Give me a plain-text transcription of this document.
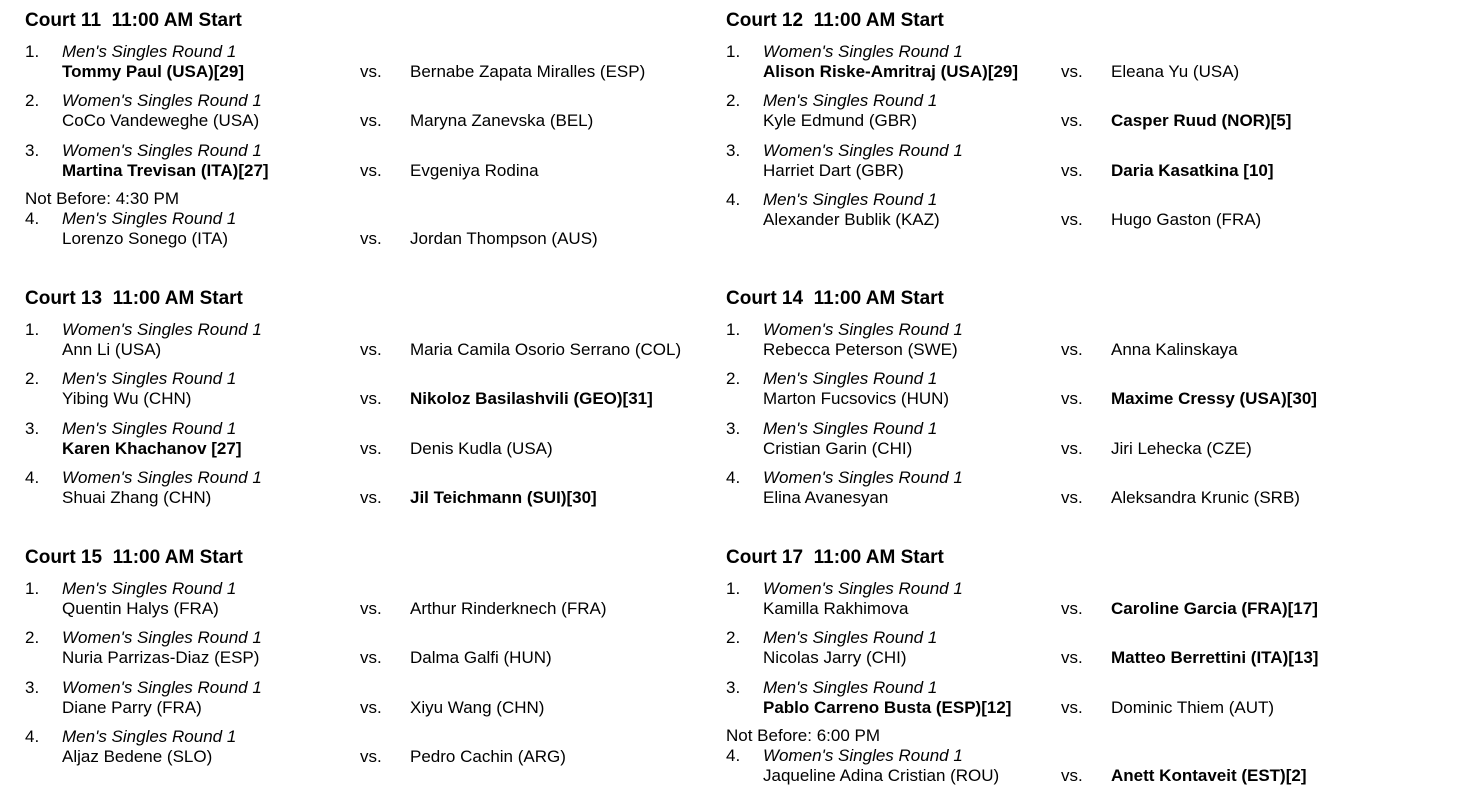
Court 11  11:00 AM Start
1. Men's Singles Round 1
Tommy Paul (USA)[29]	vs. Bernabe Zapata Miralles (ESP)
2. Women's Singles Round 1
CoCo Vandeweghe (USA)	vs. Maryna Zanevska (BEL)
3. Women's Singles Round 1
Martina Trevisan (ITA)[27]	vs. Evgeniya Rodina
Not Before: 4:30 PM
4. Men's Singles Round 1
Lorenzo Sonego (ITA)	vs. Jordan Thompson (AUS)
Court 12  11:00 AM Start
1. Women's Singles Round 1
Alison Riske-Amritraj (USA)[29]	vs. Eleana Yu (USA)
2. Men's Singles Round 1
Kyle Edmund (GBR)	vs. Casper Ruud (NOR)[5]
3. Women's Singles Round 1
Harriet Dart (GBR)	vs. Daria Kasatkina [10]
4. Men's Singles Round 1
Alexander Bublik (KAZ)	vs. Hugo Gaston (FRA)
Court 13  11:00 AM Start
1. Women's Singles Round 1
Ann Li (USA)	vs. Maria Camila Osorio Serrano (COL)
2. Men's Singles Round 1
Yibing Wu (CHN)	vs. Nikoloz Basilashvili (GEO)[31]
3. Men's Singles Round 1
Karen Khachanov [27]	vs. Denis Kudla (USA)
4. Women's Singles Round 1
Shuai Zhang (CHN)	vs. Jil Teichmann (SUI)[30]
Court 14  11:00 AM Start
1. Women's Singles Round 1
Rebecca Peterson (SWE)	vs. Anna Kalinskaya
2. Men's Singles Round 1
Marton Fucsovics (HUN)	vs. Maxime Cressy (USA)[30]
3. Men's Singles Round 1
Cristian Garin (CHI)	vs. Jiri Lehecka (CZE)
4. Women's Singles Round 1
Elina Avanesyan	vs. Aleksandra Krunic (SRB)
Court 15  11:00 AM Start
1. Men's Singles Round 1
Quentin Halys (FRA)	vs. Arthur Rinderknech (FRA)
2. Women's Singles Round 1
Nuria Parrizas-Diaz (ESP)	vs. Dalma Galfi (HUN)
3. Women's Singles Round 1
Diane Parry (FRA)	vs. Xiyu Wang (CHN)
4. Men's Singles Round 1
Aljaz Bedene (SLO)	vs. Pedro Cachin (ARG)
Court 17  11:00 AM Start
1. Women's Singles Round 1
Kamilla Rakhimova	vs. Caroline Garcia (FRA)[17]
2. Men's Singles Round 1
Nicolas Jarry (CHI)	vs. Matteo Berrettini (ITA)[13]
3. Men's Singles Round 1
Pablo Carreno Busta (ESP)[12]	vs. Dominic Thiem (AUT)
Not Before: 6:00 PM
4. Women's Singles Round 1
Jaqueline Adina Cristian (ROU)	vs. Anett Kontaveit (EST)[2]
